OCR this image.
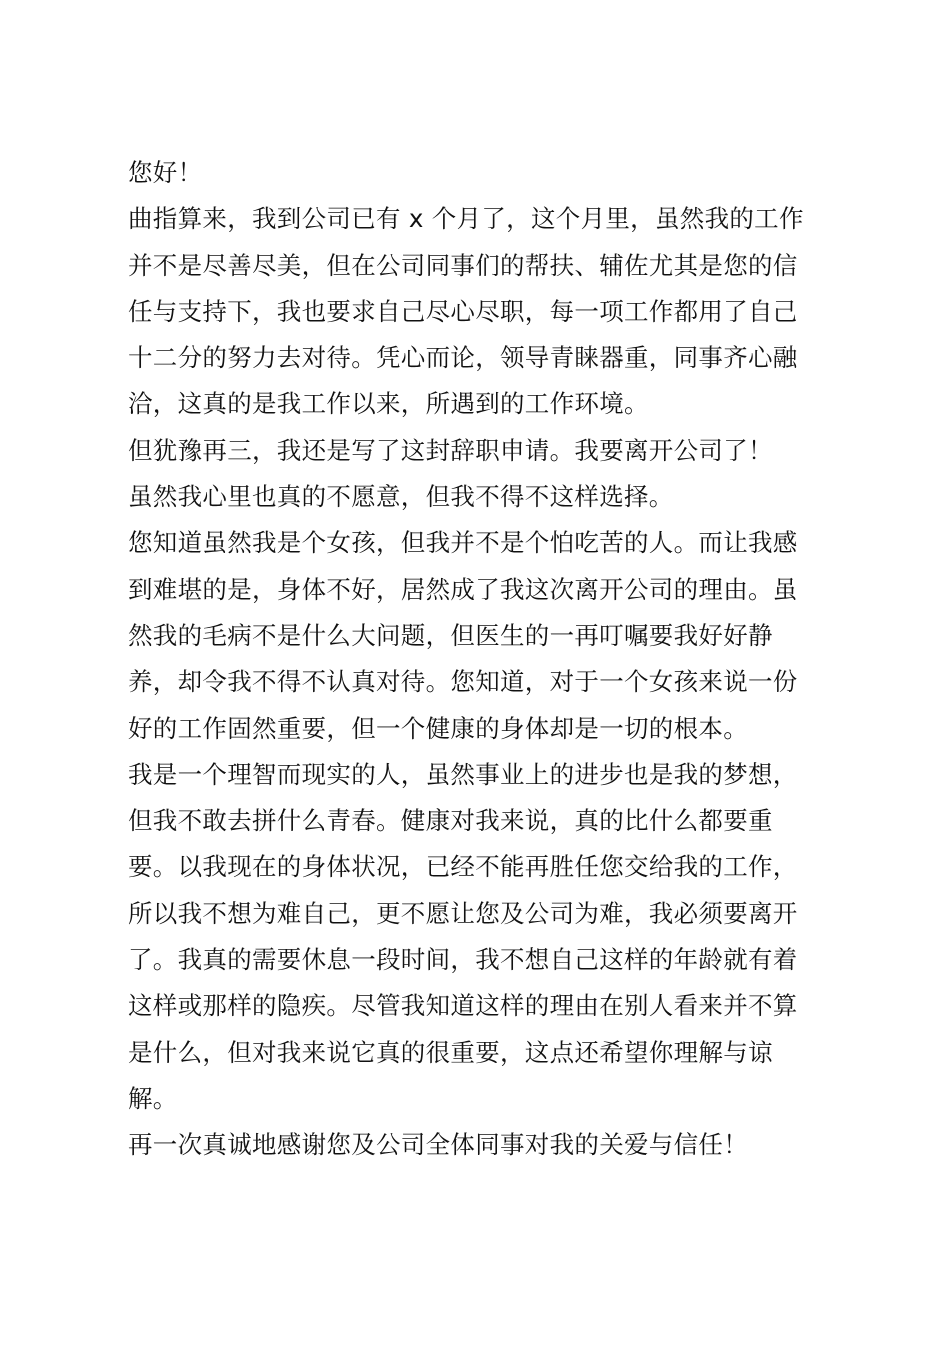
您好！

曲指算来，我到公司已有 x 个月了，这个月里，虽然我的工作

并不是尽善尽美，但在公司同事们的帮扶、辅佐尤其是您的信

任与支持下，我也要求自己尽心尽职，每一项工作都用了自己

十二分的努力去对待。凭心而论，领导青睐器重，同事齐心融

洽，这真的是我工作以来，所遇到的工作环境。

但犹豫再三，我还是写了这封辞职申请。我要离开公司了！

虽然我心里也真的不愿意，但我不得不这样选择。

您知道虽然我是个女孩，但我并不是个怕吃苦的人。而让我感

到难堪的是，身体不好，居然成了我这次离开公司的理由。虽

然我的毛病不是什么大问题，但医生的一再叮嘱要我好好静

养，却令我不得不认真对待。您知道，对于一个女孩来说一份

好的工作固然重要，但一个健康的身体却是一切的根本。

我是一个理智而现实的人，虽然事业上的进步也是我的梦想，

但我不敢去拼什么青春。健康对我来说，真的比什么都要重

要。以我现在的身体状况，已经不能再胜任您交给我的工作，

所以我不想为难自己，更不愿让您及公司为难，我必须要离开

了。我真的需要休息一段时间，我不想自己这样的年龄就有着

这样或那样的隐疾。尽管我知道这样的理由在别人看来并不算

是什么，但对我来说它真的很重要，这点还希望你理解与谅

解。

再一次真诚地感谢您及公司全体同事对我的关爱与信任！
